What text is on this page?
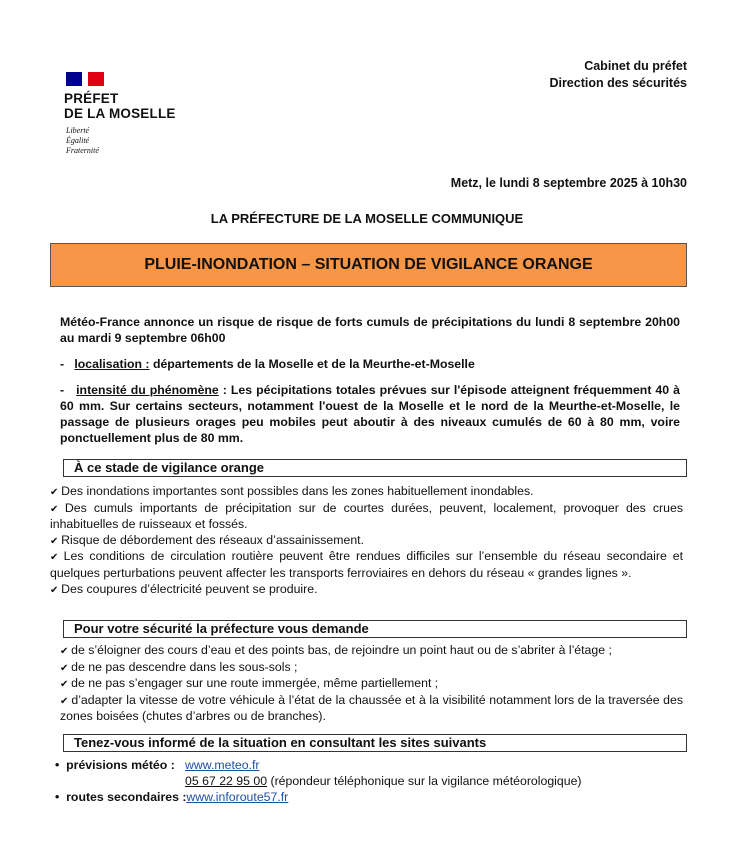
Cabinet du préfet
Direction des sécurités
PRÉFET
DE LA MOSELLE
Liberté
Égalité
Fraternité
Metz, le lundi 8 septembre 2025 à 10h30
LA PRÉFECTURE DE LA MOSELLE COMMUNIQUE
PLUIE-INONDATION – SITUATION DE VIGILANCE ORANGE
Météo-France annonce un risque de risque de forts cumuls de précipitations du lundi 8 septembre 20h00 au mardi 9 septembre 06h00
-   localisation : départements de la Moselle et de la Meurthe-et-Moselle
-   intensité du phénomène : Les pécipitations totales prévues sur l'épisode atteignent fréquemment 40 à 60 mm. Sur certains secteurs, notamment l'ouest de la Moselle et le nord de la Meurthe-et-Moselle, le passage de plusieurs orages peu mobiles peut aboutir à des niveaux cumulés de 60 à 80 mm, voire ponctuellement plus de 80 mm.
À ce stade de vigilance orange
✔ Des inondations importantes sont possibles dans les zones habituellement inondables.
✔ Des cumuls importants de précipitation sur de courtes durées, peuvent, localement, provoquer des crues inhabituelles de ruisseaux et fossés.
✔ Risque de débordement des réseaux d’assainissement.
✔ Les conditions de circulation routière peuvent être rendues difficiles sur l’ensemble du réseau secondaire et quelques perturbations peuvent affecter les transports ferroviaires en dehors du réseau « grandes lignes ».
✔ Des coupures d’électricité peuvent se produire.
Pour votre sécurité la préfecture vous demande
✔ de s’éloigner des cours d’eau et des points bas, de rejoindre un point haut ou de s’abriter à l’étage ;
✔ de ne pas descendre dans les sous-sols ;
✔ de ne pas s’engager sur une route immergée, même partiellement ;
✔ d’adapter la vitesse de votre véhicule à l’état de la chaussée et à la visibilité notamment lors de la traversée des zones boisées (chutes d’arbres ou de branches).
Tenez-vous informé de la situation en consultant les sites suivants
•  prévisions météo : www.meteo.fr
05 67 22 95 00 (répondeur téléphonique sur la vigilance météorologique)
•  routes secondaires :www.inforoute57.fr
